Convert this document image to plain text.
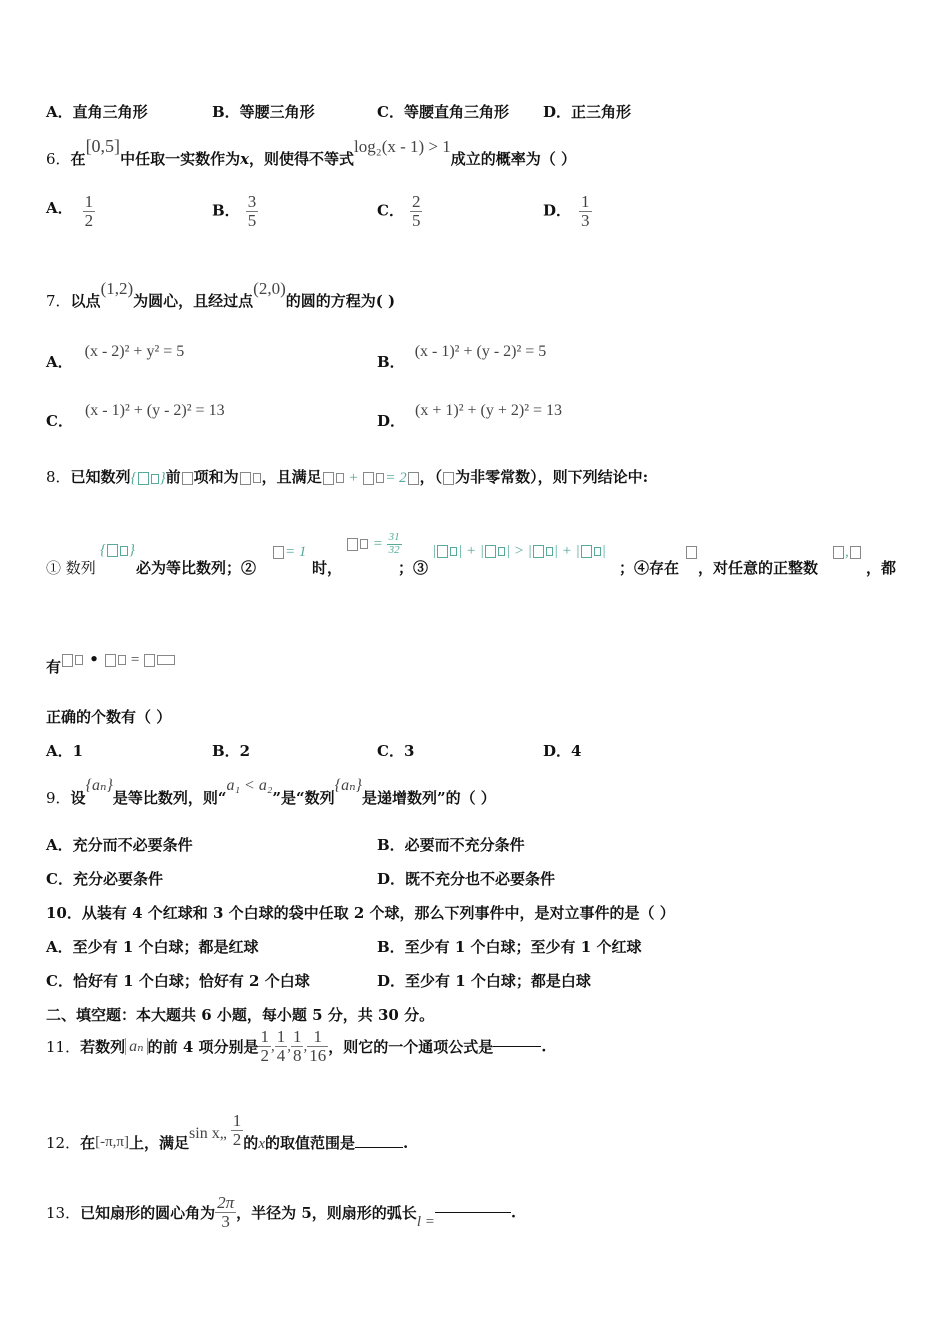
A．直角三角形	B．等腰三角形	C．等腰直角三角形 D．正三角形
6．在[0,5]中任取一实数作为x，则使得不等式log₂(x - 1) > 1成立的概率为（ ）
A． $\frac{1}{2}$	B． $\frac{3}{5}$	C． $\frac{2}{5}$	D． $\frac{1}{3}$
7．以点(1,2)为圆心，且经过点(2,0)的圆的方程为( )
A．(x - 2)² + y² = 5
B．(x - 1)² + (y - 2)² = 5
C．(x - 1)² + (y - 2)² = 13
D．(x + 1)² + (y + 2)² = 13
8．已知数列{ }前 项和为 ，且满足 + = 2 ，（ 为非零常数），则下列结论中:
① 数列
{ }
必为等比数列；②
= 1
时，
= $\frac{31}{32}$
；③
| | + | | > | | + | |
；④存在 ，对任意的正整数
,
，都
有 •  =
正确的个数有（ ）
A．1	B．2	C．3	D．4
9．设{aₙ}是等比数列，则“a₁ < a₂”是“数列{aₙ}是递增数列”的（ ）
A．充分而不必要条件	B．必要而不充分条件
C．充分必要条件	D．既不充分也不必要条件
10．从装有 4 个红球和 3 个白球的袋中任取 2 个球，那么下列事件中，是对立事件的是（ ）
A．至少有 1 个白球；都是红球	B．至少有 1 个白球；至少有 1 个红球
C．恰好有 1 个白球；恰好有 2 个白球	D．至少有 1 个白球；都是白球
二、填空题：本大题共 6 小题，每小题 5 分，共 30 分。
11．若数列 aₙ 的前 4 项分别是 $\frac{1}{2}$ , $\frac{1}{4}$ , $\frac{1}{8}$ , $\frac{1}{16}$ ，则它的一个通项公式是	.
12．在[-π,π]上，满足sin x„ $\frac{1}{2}$ 的x的取值范围是	.
13．已知扇形的圆心角为 $\frac{2\pi}{3}$ ，半径为 5，则扇形的弧长l =.
